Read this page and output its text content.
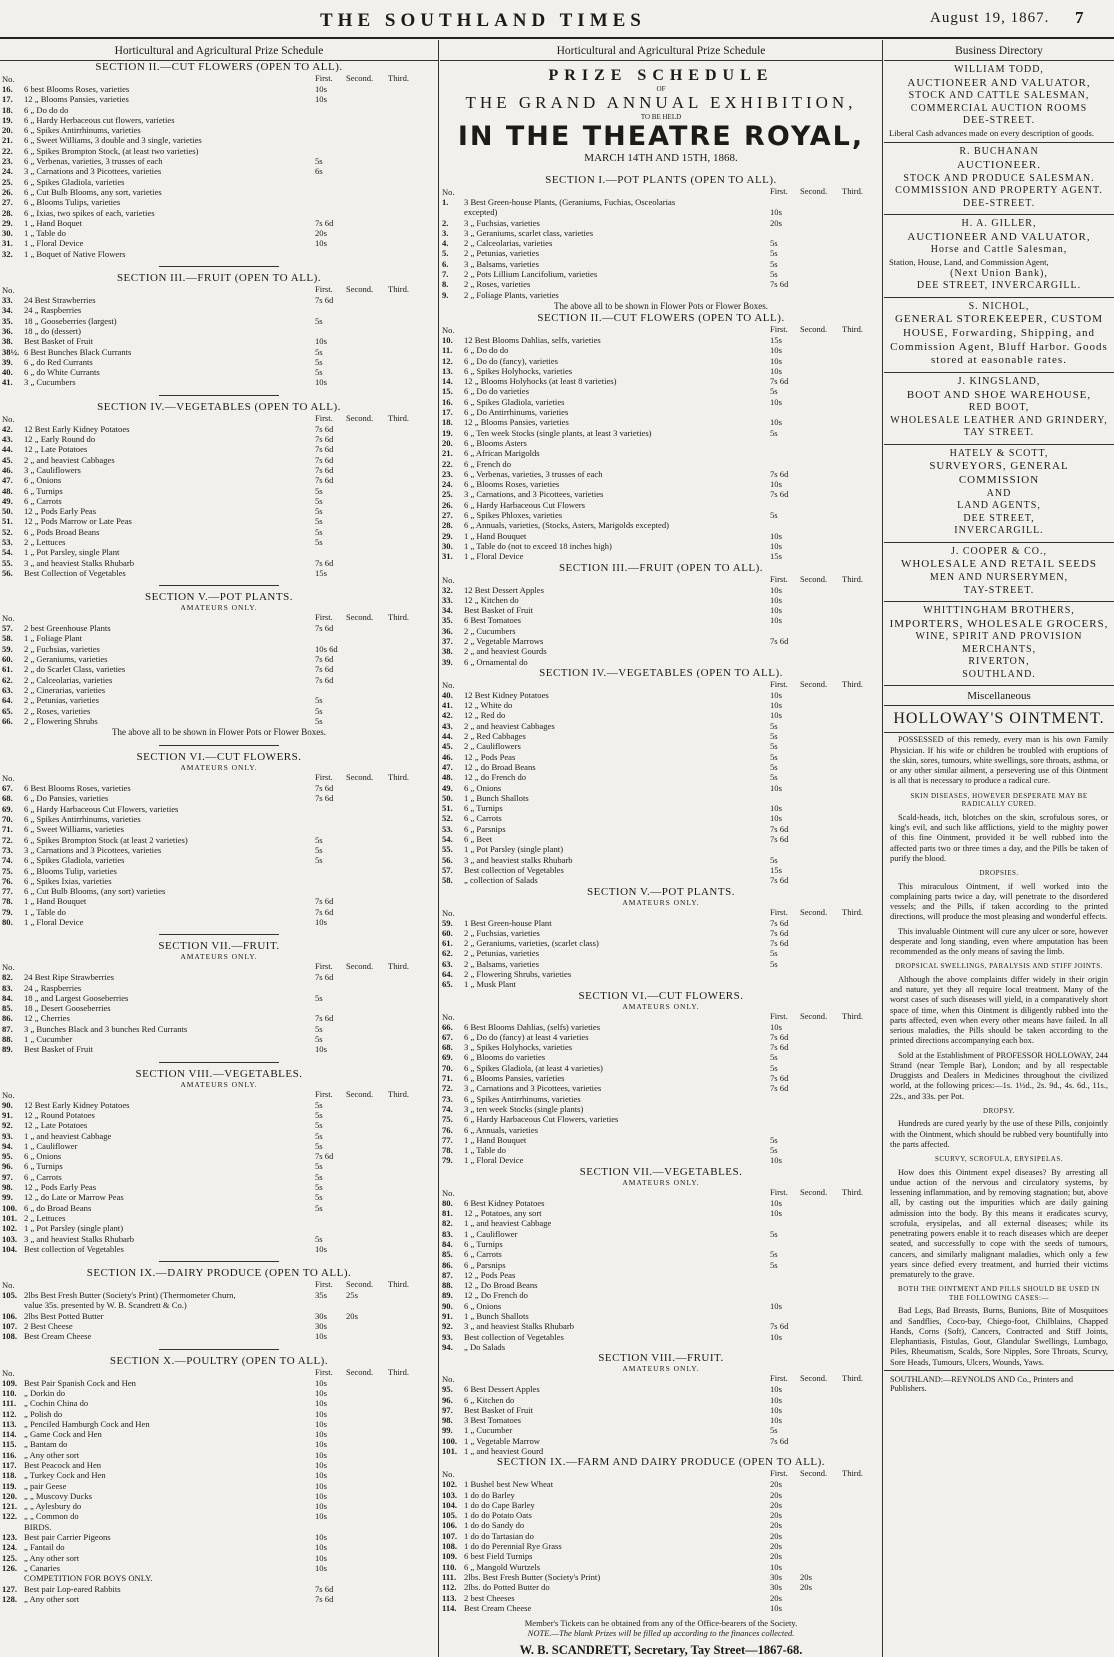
THE SOUTHLAND TIMES	August 19, 1867. 7
Horticultural and Agricultural Prize Schedule
SECTION II.—CUT FLOWERS (OPEN TO ALL).
No.	First. Second. Third.
16. 6 best Blooms Roses, varieties	10s
17. 12 „ Blooms Pansies, varieties	10s
18. 6 „ Do do do
19. 6 „ Hardy Herbaceous cut flowers, varieties
20. 6 „ Spikes Antirrhinums, varieties
21. 6 „ Sweet Williams, 3 double and 3 single, varieties
22. 6 „ Spikes Brompton Stock, (at least two varieties)
23. 6 „ Verbenas, varieties, 3 trusses of each	5s
24. 3 „ Carnations and 3 Picottees, varieties	6s
25. 6 „ Spikes Gladiola, varieties
26. 6 „ Cut Bulb Blooms, any sort, varieties
27. 6 „ Blooms Tulips, varieties
28. 6 „ Ixias, two spikes of each, varieties
29. 1 „ Hand Boquet	7s 6d
30. 1 „ Table do	20s
31. 1 „ Floral Device	10s
32. 1 „ Boquet of Native Flowers
SECTION III.—FRUIT (OPEN TO ALL).
No.	First. Second. Third.
33. 24 Best Strawberries	7s 6d
34. 24 „ Raspberries
35. 18 „ Gooseberries (largest)	5s
36. 18 „ do (dessert)
38. Best Basket of Fruit	10s
38½. 6 Best Bunches Black Currants	5s
39. 6 „ do Red Currants	5s
40. 6 „ do White Currants	5s
41. 3 „ Cucumbers	10s
SECTION IV.—VEGETABLES (OPEN TO ALL).
No.	First. Second. Third.
42. 12 Best Early Kidney Potatoes	7s 6d
43. 12 „ Early Round do	7s 6d
44. 12 „ Late Potatoes	7s 6d
45. 2 „ and heaviest Cabbages	7s 6d
46. 3 „ Cauliflowers	7s 6d
47. 6 „ Onions	7s 6d
48. 6 „ Turnips	5s
49. 6 „ Carrots	5s
50. 12 „ Pods Early Peas	5s
51. 12 „ Pods Marrow or Late Peas	5s
52. 6 „ Pods Broad Beans	5s
53. 2 „ Lettuces	5s
54. 1 „ Pot Parsley, single Plant
55. 3 „ and heaviest Stalks Rhubarb	7s 6d
56. Best Collection of Vegetables	15s
SECTION V.—POT PLANTS.
AMATEURS ONLY.
No.	First. Second. Third.
57. 2 best Greenhouse Plants	7s 6d
58. 1 „ Foliage Plant
59. 2 „ Fuchsias, varieties	10s 6d
60. 2 „ Geraniums, varieties	7s 6d
61. 2 „ do Scarlet Class, varieties	7s 6d
62. 2 „ Calceolarias, varieties	7s 6d
63. 2 „ Cinerarias, varieties
64. 2 „ Petunias, varieties	5s
65. 2 „ Roses, varieties	5s
66. 2 „ Flowering Shrubs	5s
The above all to be shown in Flower Pots or Flower Boxes.
SECTION VI.—CUT FLOWERS.
AMATEURS ONLY.
No.	First. Second. Third.
67. 6 Best Blooms Roses, varieties	7s 6d
68. 6 „ Do Pansies, varieties	7s 6d
69. 6 „ Hardy Harbaceous Cut Flowers, varieties
70. 6 „ Spikes Antirrhinums, varieties
71. 6 „ Sweet Williams, varieties
72. 6 „ Spikes Brompton Stock (at least 2 varieties)	5s
73. 3 „ Carnations and 3 Picottees, varieties	5s
74. 6 „ Spikes Gladiola, varieties	5s
75. 6 „ Blooms Tulip, varieties
76. 6 „ Spikes Ixias, varieties
77. 6 „ Cut Bulb Blooms, (any sort) varieties
78. 1 „ Hand Bouquet	7s 6d
79. 1 „ Table do	7s 6d
80. 1 „ Floral Device	10s
SECTION VII.—FRUIT.
AMATEURS ONLY.
No.	First. Second. Third.
82. 24 Best Ripe Strawberries	7s 6d
83. 24 „ Raspberries
84. 18 „ and Largest Gooseberries	5s
85. 18 „ Desert Gooseberries
86. 12 „ Cherries	7s 6d
87. 3 „ Bunches Black and 3 bunches Red Currants	5s
88. 1 „ Cucumber	5s
89. Best Basket of Fruit	10s
SECTION VIII.—VEGETABLES.
AMATEURS ONLY.
No.	First. Second. Third.
90. 12 Best Early Kidney Potatoes	5s
91. 12 „ Round Potatoes	5s
92. 12 „ Late Potatoes	5s
93. 1 „ and heaviest Cabbage	5s
94. 1 „ Cauliflower	5s
95. 6 „ Onions	7s 6d
96. 6 „ Turnips	5s
97. 6 „ Carrots	5s
98. 12 „ Pods Early Peas	5s
99. 12 „ do Late or Marrow Peas	5s
100. 6 „ do Broad Beans	5s
101. 2 „ Lettuces
102. 1 „ Pot Parsley (single plant)
103. 3 „ and heaviest Stalks Rhubarb	5s
104. Best collection of Vegetables	10s
SECTION IX.—DAIRY PRODUCE (OPEN TO ALL).
No.	First. Second. Third.
105. 2lbs Best Fresh Butter (Society's Print) (Thermometer Churn,	35s 25s
value 35s. presented by W. B. Scandrett & Co.)
106. 2lbs Best Potted Butter	30s 20s
107. 2 Best Cheese	30s
108. Best Cream Cheese	10s
SECTION X.—POULTRY (OPEN TO ALL).
No.	First. Second. Third.
109. Best Pair Spanish Cock and Hen	10s
110. „ Dorkin do	10s
111. „ Cochin China do	10s
112. „ Polish do	10s
113. „ Penciled Hamburgh Cock and Hen	10s
114. „ Game Cock and Hen	10s
115. „ Bantam do	10s
116. „ Any other sort	10s
117. Best Peacock and Hen	10s
118. „ Turkey Cock and Hen	10s
119. „ pair Geese	10s
120. „ „ Muscovy Ducks	10s
121. „ „ Aylesbury do	10s
122. „ „ Common do	10s
BIRDS.
123. Best pair Carrier Pigeons	10s
124. „ Fantail do	10s
125. „ Any other sort	10s
126. „ Canaries	10s
COMPETITION FOR BOYS ONLY.
127. Best pair Lop-eared Rabbits	7s 6d
128. „ Any other sort	7s 6d
Horticultural and Agricultural Prize Schedule
PRIZE SCHEDULE
OF
THE GRAND ANNUAL EXHIBITION,
TO BE HELD
IN THE THEATRE ROYAL,
MARCH 14TH AND 15TH, 1868.
SECTION I.—POT PLANTS (OPEN TO ALL).
No.	First. Second. Third.
1. 3 Best Green-house Plants, (Geraniums, Fuchias, Osceolarias
excepted)	10s
2. 3 „ Fuchsias, varieties	20s
3. 3 „ Geraniums, scarlet class, varieties
4. 2 „ Calceolarias, varieties	5s
5. 2 „ Petunias, varieties	5s
6. 3 „ Balsams, varieties	5s
7. 2 „ Pots Lillium Lancifolium, varieties	5s
8. 2 „ Roses, varieties	7s 6d
9. 2 „ Foliage Plants, varieties
The above all to be shown in Flower Pots or Flower Boxes.
SECTION II.—CUT FLOWERS (OPEN TO ALL).
No.	First. Second. Third.
10. 12 Best Blooms Dahlias, selfs, varieties	15s
11. 6 „ Do do do	10s
12. 6 „ Do do (fancy), varieties	10s
13. 6 „ Spikes Holyhocks, varieties	10s
14. 12 „ Blooms Holyhocks (at least 8 varieties)	7s 6d
15. 6 „ Do do varieties	5s
16. 6 „ Spikes Gladiola, varieties	10s
17. 6 „ Do Antirrhinums, varieties
18. 12 „ Blooms Pansies, varieties	10s
19. 6 „ Ten week Stocks (single plants, at least 3 varieties)	5s
20. 6 „ Blooms Asters
21. 6 „ African Marigolds
22. 6 „ French do
23. 6 „ Verbenas, varieties, 3 trusses of each	7s 6d
24. 6 „ Blooms Roses, varieties	10s
25. 3 „ Carnations, and 3 Picottees, varieties	7s 6d
26. 6 „ Hardy Harbaceous Cut Flowers
27. 6 „ Spikes Phloxes, varieties	5s
28. 6 „ Annuals, varieties, (Stocks, Asters, Marigolds excepted)
29. 1 „ Hand Bouquet	10s
30. 1 „ Table do (not to exceed 18 inches high)	10s
31. 1 „ Floral Device	15s
SECTION III.—FRUIT (OPEN TO ALL).
No.	First. Second. Third.
32. 12 Best Dessert Apples	10s
33. 12 „ Kitchen do	10s
34. Best Basket of Fruit	10s
35. 6 Best Tomatoes	10s
36. 2 „ Cucumbers
37. 2 „ Vegetable Marrows	7s 6d
38. 2 „ and heaviest Gourds
39. 6 „ Ornamental do
SECTION IV.—VEGETABLES (OPEN TO ALL).
No.	First. Second. Third.
40. 12 Best Kidney Potatoes	10s
41. 12 „ White do	10s
42. 12 „ Red do	10s
43. 2 „ and heaviest Cabbages	5s
44. 2 „ Red Cabbages	5s
45. 2 „ Cauliflowers	5s
46. 12 „ Pods Peas	5s
47. 12 „ do Broad Beans	5s
48. 12 „ do French do	5s
49. 6 „ Onions	10s
50. 1 „ Bunch Shallots
51. 6 „ Turnips	10s
52. 6 „ Carrots	10s
53. 6 „ Parsnips	7s 6d
54. 6 „ Beet	7s 6d
55. 1 „ Pot Parsley (single plant)
56. 3 „ and heaviest stalks Rhubarb	5s
57. Best collection of Vegetables	15s
58. „ collection of Salads	7s 6d
SECTION V.—POT PLANTS.
AMATEURS ONLY.
No.	First. Second. Third.
59. 1 Best Green-house Plant	7s 6d
60. 2 „ Fuchsias, varieties	7s 6d
61. 2 „ Geraniums, varieties, (scarlet class)	7s 6d
62. 2 „ Petunias, varieties	5s
63. 2 „ Balsams, varieties	5s
64. 2 „ Flowering Shrubs, varieties
65. 1 „ Musk Plant
SECTION VI.—CUT FLOWERS.
AMATEURS ONLY.
No.	First. Second. Third.
66. 6 Best Blooms Dahlias, (selfs) varieties	10s
67. 6 „ Do do (fancy) at least 4 varieties	7s 6d
68. 3 „ Spikes Holyhocks, varieties	7s 6d
69. 6 „ Blooms do varieties	5s
70. 6 „ Spikes Gladiola, (at least 4 varieties)	5s
71. 6 „ Blooms Pansies, varieties	7s 6d
72. 3 „ Carnations and 3 Picottees, varieties	7s 6d
73. 6 „ Spikes Antirrhinums, varieties
74. 3 „ ten week Stocks (single plants)
75. 6 „ Hardy Harbaceous Cut Flowers, varieties
76. 6 „ Annuals, varieties
77. 1 „ Hand Bouquet	5s
78. 1 „ Table do	5s
79. 1 „ Floral Device	10s
SECTION VII.—VEGETABLES.
AMATEURS ONLY.
No.	First. Second. Third.
80. 6 Best Kidney Potatoes	10s
81. 12 „ Potatoes, any sort	10s
82. 1 „ and heaviest Cabbage
83. 1 „ Cauliflower	5s
84. 6 „ Turnips
85. 6 „ Carrots	5s
86. 6 „ Parsnips	5s
87. 12 „ Pods Peas
88. 12 „ Do Broad Beans
89. 12 „ Do French do
90. 6 „ Onions	10s
91. 1 „ Bunch Shallots
92. 3 „ and heaviest Stalks Rhubarb	7s 6d
93. Best collection of Vegetables	10s
94. „ Do Salads
SECTION VIII.—FRUIT.
AMATEURS ONLY.
No.	First. Second. Third.
95. 6 Best Dessert Apples	10s
96. 6 „ Kitchen do	10s
97. Best Basket of Fruit	10s
98. 3 Best Tomatoes	10s
99. 1 „ Cucumber	5s
100. 1 „ Vegetable Marrow	7s 6d
101. 1 „ and heaviest Gourd
SECTION IX.—FARM AND DAIRY PRODUCE (OPEN TO ALL).
No.	First. Second. Third.
102. 1 Bushel best New Wheat	20s
103. 1 do do Barley	20s
104. 1 do do Cape Barley	20s
105. 1 do do Potato Oats	20s
106. 1 do do Sandy do	20s
107. 1 do do Tartasian do	20s
108. 1 do do Perennial Rye Grass	20s
109. 6 best Field Turnips	20s
110. 6 „ Mangold Wurtzels	10s
111. 2lbs. Best Fresh Butter (Society's Print)	30s 20s
112. 2lbs. do Potted Butter do	30s 20s
113. 2 best Cheeses	20s
114. Best Cream Cheese	10s
Member's Tickets can be obtained from any of the Office-bearers of the Society.
NOTE.—The blank Prizes will be filled up according to the finances collected.
W. B. SCANDRETT, Secretary, Tay Street—1867-68.
Business Directory
WILLIAM TODD,
AUCTIONEER AND VALUATOR,
STOCK AND CATTLE SALESMAN,
COMMERCIAL AUCTION ROOMS
DEE-STREET.
Liberal Cash advances made on every description of goods.
R. BUCHANAN
AUCTIONEER.
STOCK AND PRODUCE SALESMAN.
COMMISSION AND PROPERTY AGENT.
DEE-STREET.
H. A. GILLER,
AUCTIONEER AND VALUATOR,
Horse and Cattle Salesman,
Station, House, Land, and Commission Agent,
(Next Union Bank),
DEE STREET, INVERCARGILL.
S. NICHOL,
GENERAL STOREKEEPER, CUSTOM HOUSE, Forwarding, Shipping, and Commission Agent, Bluff Harbor. Goods stored at easonable rates.
J. KINGSLAND,
BOOT AND SHOE WAREHOUSE,
RED BOOT,
WHOLESALE LEATHER AND GRINDERY,
TAY STREET.
HATELY & SCOTT,
SURVEYORS, GENERAL COMMISSION
AND
LAND AGENTS,
DEE STREET,
INVERCARGILL.
J. COOPER & CO.,
WHOLESALE AND RETAIL SEEDS
MEN AND NURSERYMEN,
TAY-STREET.
WHITTINGHAM BROTHERS,
IMPORTERS, WHOLESALE GROCERS,
WINE, SPIRIT AND PROVISION
MERCHANTS,
RIVERTON,
SOUTHLAND.
Miscellaneous
HOLLOWAY'S OINTMENT.

POSSESSED of this remedy, every man is his own Family Physician. If his wife or children be troubled with eruptions of the skin, sores, tumours, white swellings, sore throats, asthma, or or any other similar ailment, a persevering use of this Ointment is all that is necessary to produce a radical cure.

SKIN DISEASES, HOWEVER DESPERATE MAY BE RADICALLY CURED.

Scald-heads, itch, blotches on the skin, scrofulous sores, or king's evil, and such like afflictions, yield to the mighty power of this fine Ointment, provided it be well rubbed into the affected parts two or three times a day, and the Pills be taken of purify the blood.

DROPSIES.

This miraculous Ointment, if well worked into the complaining parts twice a day, will penetrate to the disordered vessels; and the Pills, if taken according to the printed directions, will produce the most pleasing and wonderful effects.

This invaluable Ointment will cure any ulcer or sore, however desperate and long standing, even where amputation has been recommended as the only means of saving the limb.

DROPSICAL SWELLINGS, PARALYSIS AND STIFF JOINTS.

Although the above complaints differ widely in their origin and nature, yet they all require local treatment. Many of the worst cases of such diseases will yield, in a comparatively short space of time, when this Ointment is diligently rubbed into the parts affected, even when every other means have failed. In all serious maladies, the Pills should be taken according to the printed directions accompanying each box.

Sold at the Establishment of PROFESSOR HOLLOWAY, 244 Strand (near Temple Bar), London; and by all respectable Druggists and Dealers in Medicines throughout the civilized world, at the following prices:—1s. 1½d., 2s. 9d., 4s. 6d., 11s., 22s., and 33s. per Pot.

DROPSY.

Hundreds are cured yearly by the use of these Pills, conjointly with the Ointment, which should be rubbed very bountifully into the parts affected.

SCURVY, SCROFULA, ERYSIPELAS.

How does this Ointment expel diseases? By arresting all undue action of the nervous and circulatory systems, by lessening inflammation, and by removing stagnation; but, above all, by casting out the impurities which are daily gaining admission into the body. By this means it eradicates scurvy, scrofula, erysipelas, and all external diseases; while its penetrating powers enable it to reach diseases which are deeper seated, and successfully to cope with the seeds of tumours, cancers, and similarly malignant maladies, which only a few years since defied every treatment, and hurried their victims prematurely to the grave.

BOTH THE OINTMENT AND PILLS SHOULD BE USED IN THE FOLLOWING CASES:—

Bad Legs, Bad Breasts, Burns, Bunions, Bite of Mosquitoes and Sandflies, Coco-bay, Chiego-foot, Chilblains, Chapped Hands, Corns (Soft), Cancers, Contracted and Stiff Joints, Elephantiasis, Fistulas, Gout, Glandular Swellings, Lumbago, Piles, Rheumatism, Scalds, Sore Nipples, Sore Throats, Scurvy, Sore Heads, Tumours, Ulcers, Wounds, Yaws.

SOUTHLAND:—REYNOLDS AND Co., Printers and Publishers.
